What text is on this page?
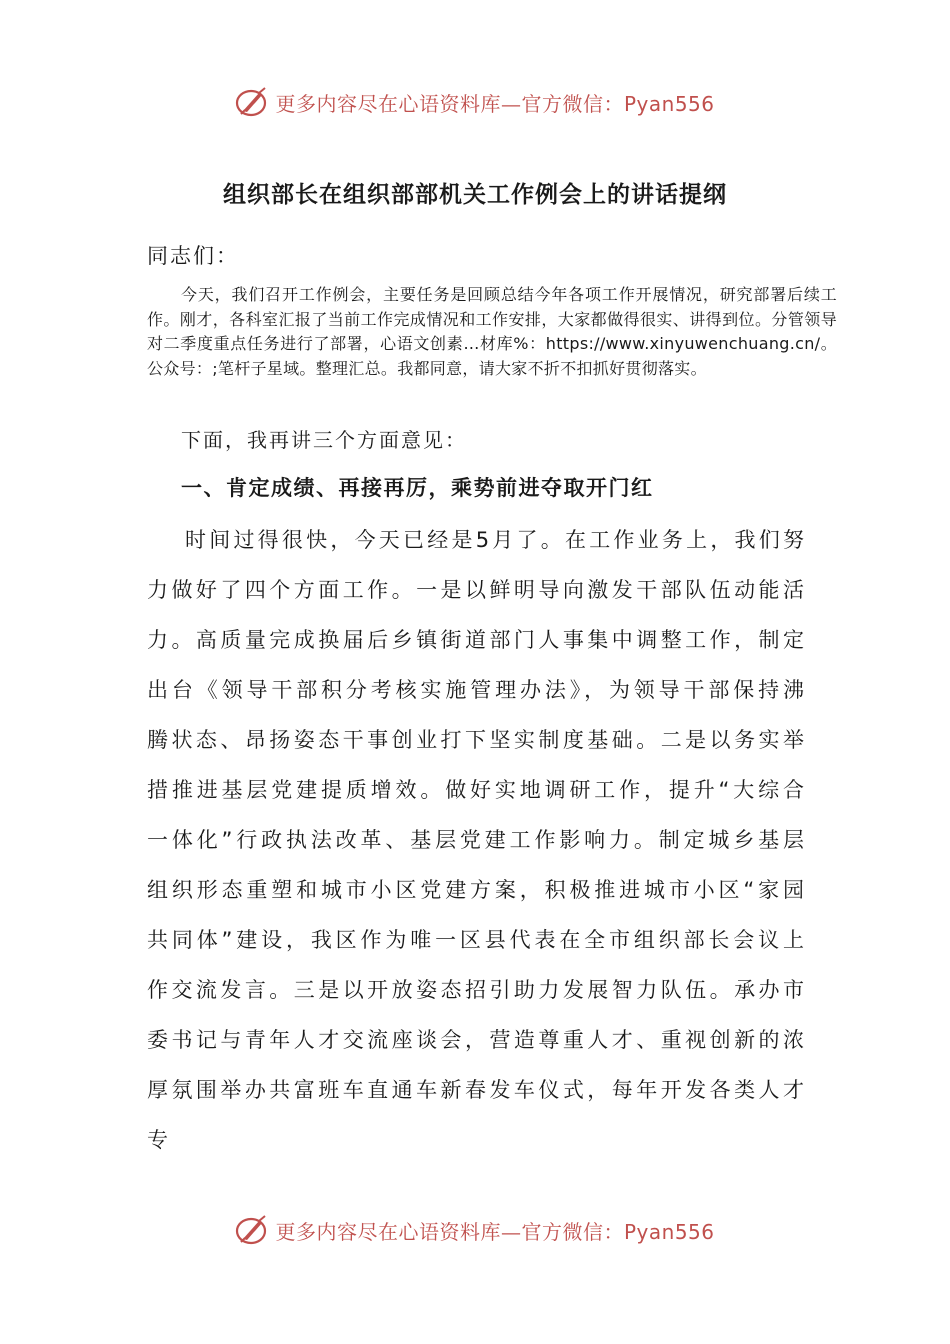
更多内容尽在心语资料库—官方微信：Pyan556
组织部长在组织部部机关工作例会上的讲话提纲
同志们：

今天，我们召开工作例会，主要任务是回顾总结今年各项工作开展情况，研究部署后续工作。刚才，各科室汇报了当前工作完成情况和工作安排，大家都做得很实、讲得到位。分管领导对二季度重点任务进行了部署，心语文创素…材库%：https://www.xinyuwenchuang.cn/。公众号：;笔杆子星域。整理汇总。我都同意，请大家不折不扣抓好贯彻落实。

下面，我再讲三个方面意见：
一、肯定成绩、再接再厉，乘势前进夺取开门红

时间过得很快，今天已经是5月了。在工作业务上，我们努力做好了四个方面工作。一是以鲜明导向激发干部队伍动能活力。高质量完成换届后乡镇街道部门人事集中调整工作，制定出台《领导干部积分考核实施管理办法》，为领导干部保持沸腾状态、昂扬姿态干事创业打下坚实制度基础。二是以务实举措推进基层党建提质增效。做好实地调研工作，提升“大综合一体化”行政执法改革、基层党建工作影响力。制定城乡基层组织形态重塑和城市小区党建方案，积极推进城市小区“家园共同体”建设，我区作为唯一区县代表在全市组织部长会议上作交流发言。三是以开放姿态招引助力发展智力队伍。承办市委书记与青年人才交流座谈会，营造尊重人才、重视创新的浓厚氛围举办共富班车直通车新春发车仪式，每年开发各类人才专

更多内容尽在心语资料库—官方微信：Pyan556
